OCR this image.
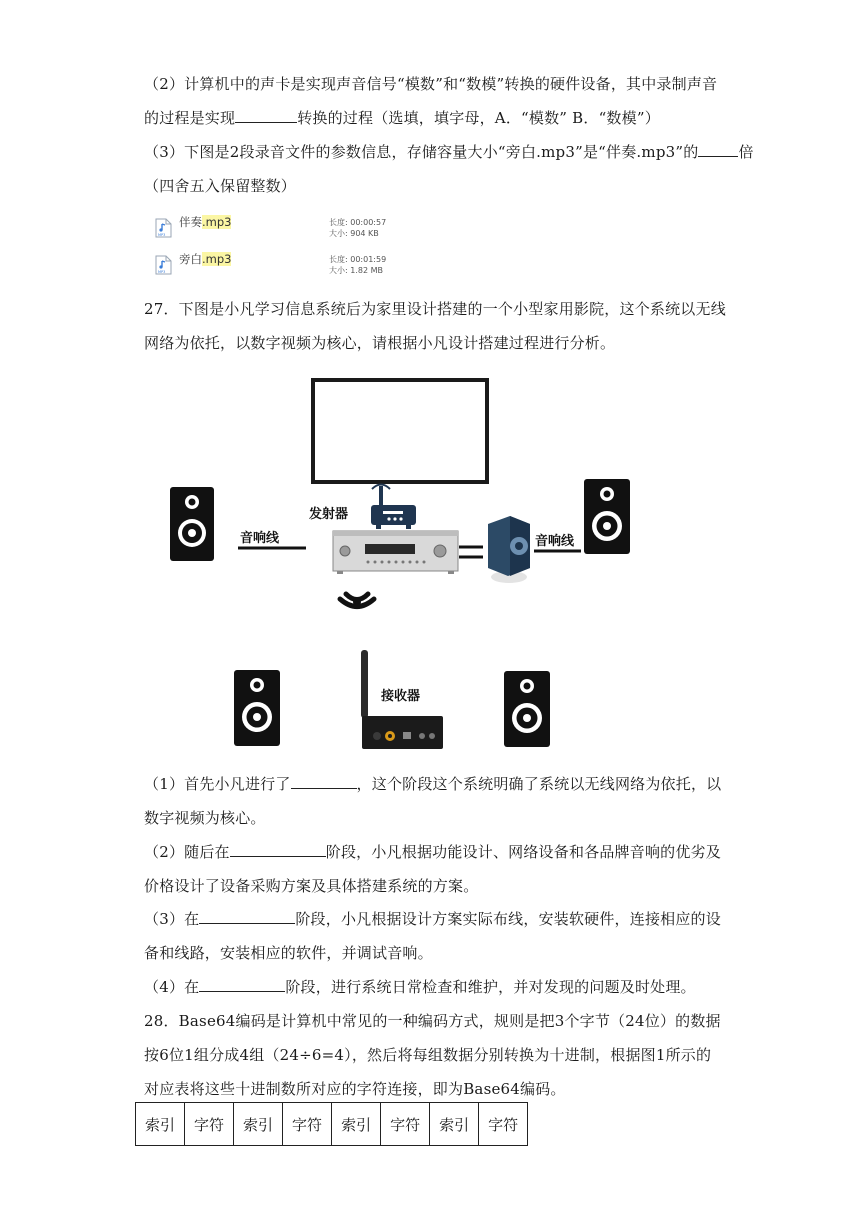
（2）计算机中的声卡是实现声音信号“模数”和“数模”转换的硬件设备，其中录制声音
的过程是实现	转换的过程（选填，填字母，A．“模数” B．“数模”）
（3）下图是2段录音文件的参数信息，存储容量大小“旁白.mp3”是“伴奏.mp3”的	倍
（四舍五入保留整数）
MP3
伴奏.mp3	长度: 00:00:57
大小: 904 KB
MP3
旁白.mp3	长度: 00:01:59
大小: 1.82 MB
27．下图是小凡学习信息系统后为家里设计搭建的一个小型家用影院，这个系统以无线
网络为依托，以数字视频为核心，请根据小凡设计搭建过程进行分析。
发射器
音响线	音响线
接收器
（1）首先小凡进行了	，这个阶段这个系统明确了系统以无线网络为依托，以
数字视频为核心。
（2）随后在	阶段，小凡根据功能设计、网络设备和各品牌音响的优劣及
价格设计了设备采购方案及具体搭建系统的方案。
（3）在	阶段，小凡根据设计方案实际布线，安装软硬件，连接相应的设
备和线路，安装相应的软件，并调试音响。
（4）在	阶段，进行系统日常检查和维护，并对发现的问题及时处理。
28．Base64编码是计算机中常见的一种编码方式，规则是把3个字节（24位）的数据
按6位1组分成4组（24÷6=4），然后将每组数据分别转换为十进制，根据图1所示的
对应表将这些十进制数所对应的字符连接，即为Base64编码。
索引	字符	索引	字符	索引	字符	索引	字符
